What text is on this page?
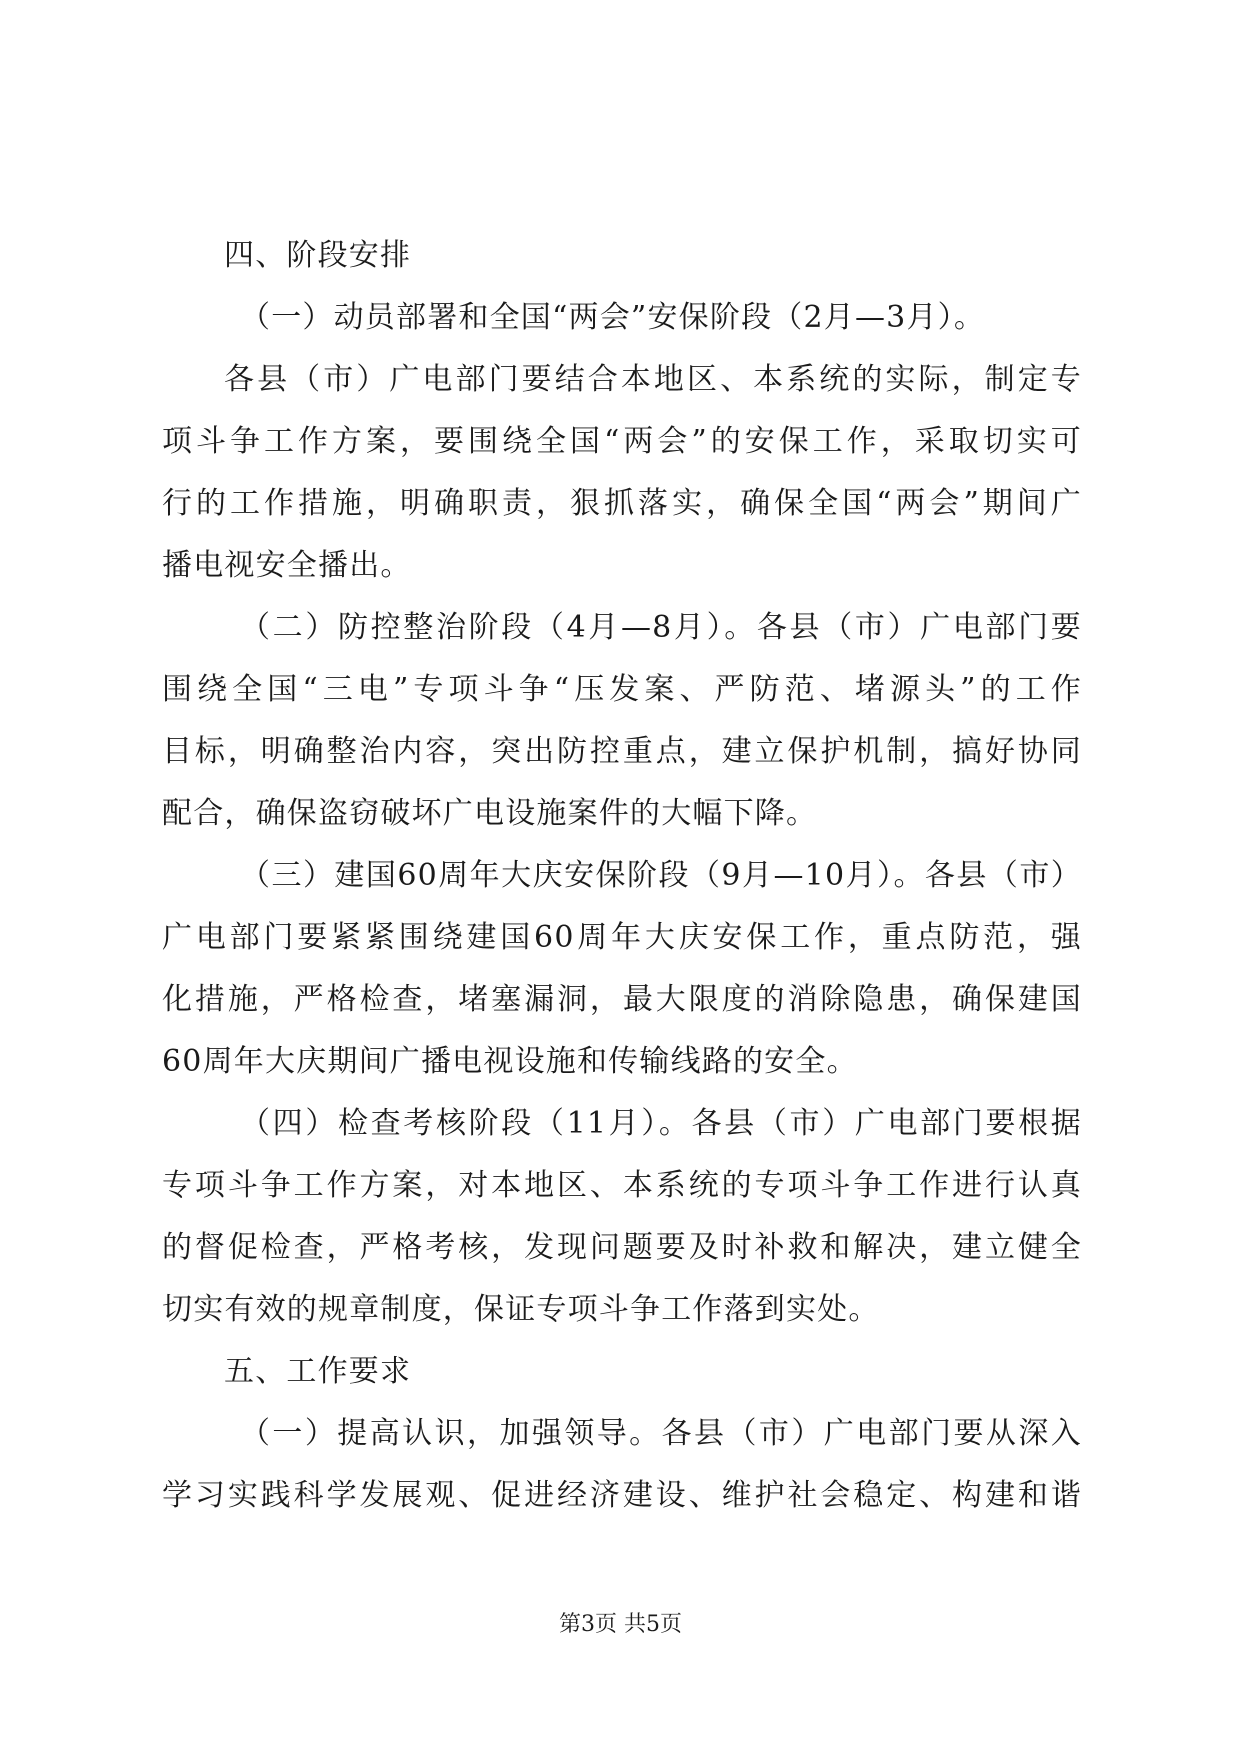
四、阶段安排
（一）动员部署和全国“两会”安保阶段（2月—3月）。
各县（市）广电部门要结合本地区、本系统的实际，制定专
项斗争工作方案，要围绕全国“两会”的安保工作，采取切实可
行的工作措施，明确职责，狠抓落实，确保全国“两会”期间广
播电视安全播出。
（二）防控整治阶段（4月—8月）。各县（市）广电部门要
围绕全国“三电”专项斗争“压发案、严防范、堵源头”的工作
目标，明确整治内容，突出防控重点，建立保护机制，搞好协同
配合，确保盗窃破坏广电设施案件的大幅下降。
（三）建国60周年大庆安保阶段（9月—10月）。各县（市）
广电部门要紧紧围绕建国60周年大庆安保工作，重点防范，强
化措施，严格检查，堵塞漏洞，最大限度的消除隐患，确保建国
60周年大庆期间广播电视设施和传输线路的安全。
（四）检查考核阶段（11月）。各县（市）广电部门要根据
专项斗争工作方案，对本地区、本系统的专项斗争工作进行认真
的督促检查，严格考核，发现问题要及时补救和解决，建立健全
切实有效的规章制度，保证专项斗争工作落到实处。
五、工作要求
（一）提高认识，加强领导。各县（市）广电部门要从深入
学习实践科学发展观、促进经济建设、维护社会稳定、构建和谐
第3页 共5页
